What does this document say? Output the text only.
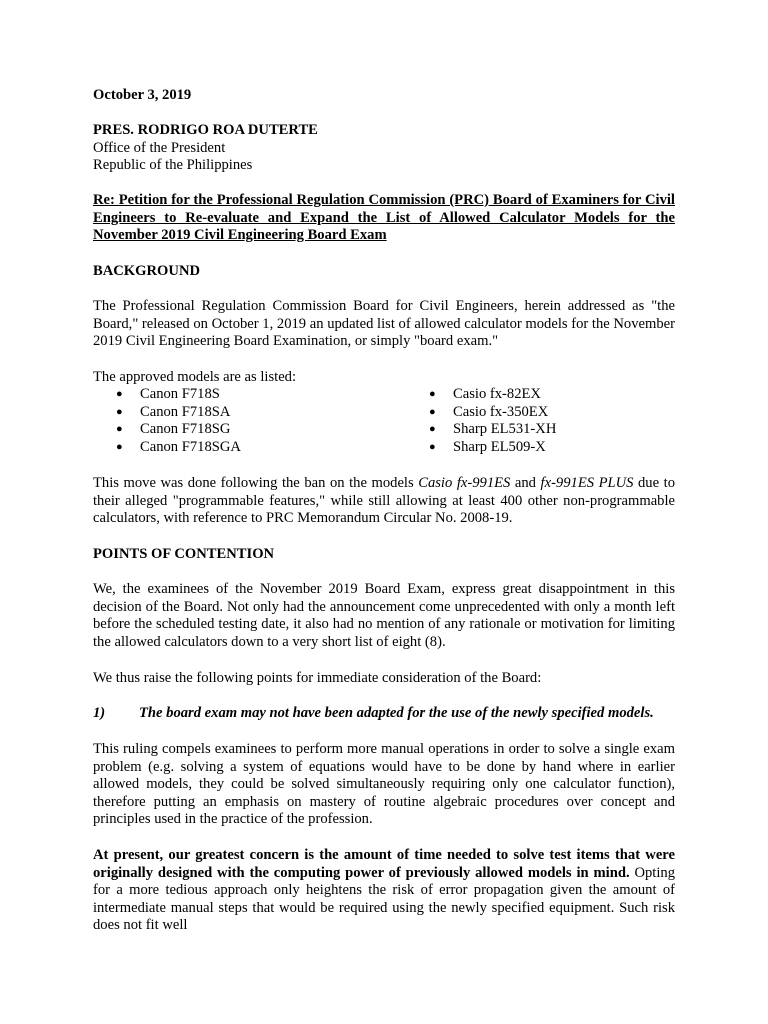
October 3, 2019

PRES. RODRIGO ROA DUTERTE
Office of the President
Republic of the Philippines

Re: Petition for the Professional Regulation Commission (PRC) Board of Examiners for Civil Engineers to Re-evaluate and Expand the List of Allowed Calculator Models for the November 2019 Civil Engineering Board Exam

BACKGROUND

The Professional Regulation Commission Board for Civil Engineers, herein addressed as "the Board," released on October 1, 2019 an updated list of allowed calculator models for the November 2019 Civil Engineering Board Examination, or simply "board exam."

The approved models are as listed:

● Canon F718S
● Canon F718SA
● Canon F718SG
● Canon F718SGA
● Casio fx-82EX
● Casio fx-350EX
● Sharp EL531-XH
● Sharp EL509-X

This move was done following the ban on the models Casio fx-991ES and fx-991ES PLUS due to their alleged "programmable features," while still allowing at least 400 other non-programmable calculators, with reference to PRC Memorandum Circular No. 2008-19.

POINTS OF CONTENTION

We, the examinees of the November 2019 Board Exam, express great disappointment in this decision of the Board. Not only had the announcement come unprecedented with only a month left before the scheduled testing date, it also had no mention of any rationale or motivation for limiting the allowed calculators down to a very short list of eight (8).

We thus raise the following points for immediate consideration of the Board:

1) The board exam may not have been adapted for the use of the newly specified models.

This ruling compels examinees to perform more manual operations in order to solve a single exam problem (e.g. solving a system of equations would have to be done by hand where in earlier allowed models, they could be solved simultaneously requiring only one calculator function), therefore putting an emphasis on mastery of routine algebraic procedures over concept and principles used in the practice of the profession.

At present, our greatest concern is the amount of time needed to solve test items that were originally designed with the computing power of previously allowed models in mind. Opting for a more tedious approach only heightens the risk of error propagation given the amount of intermediate manual steps that would be required using the newly specified equipment. Such risk does not fit well
